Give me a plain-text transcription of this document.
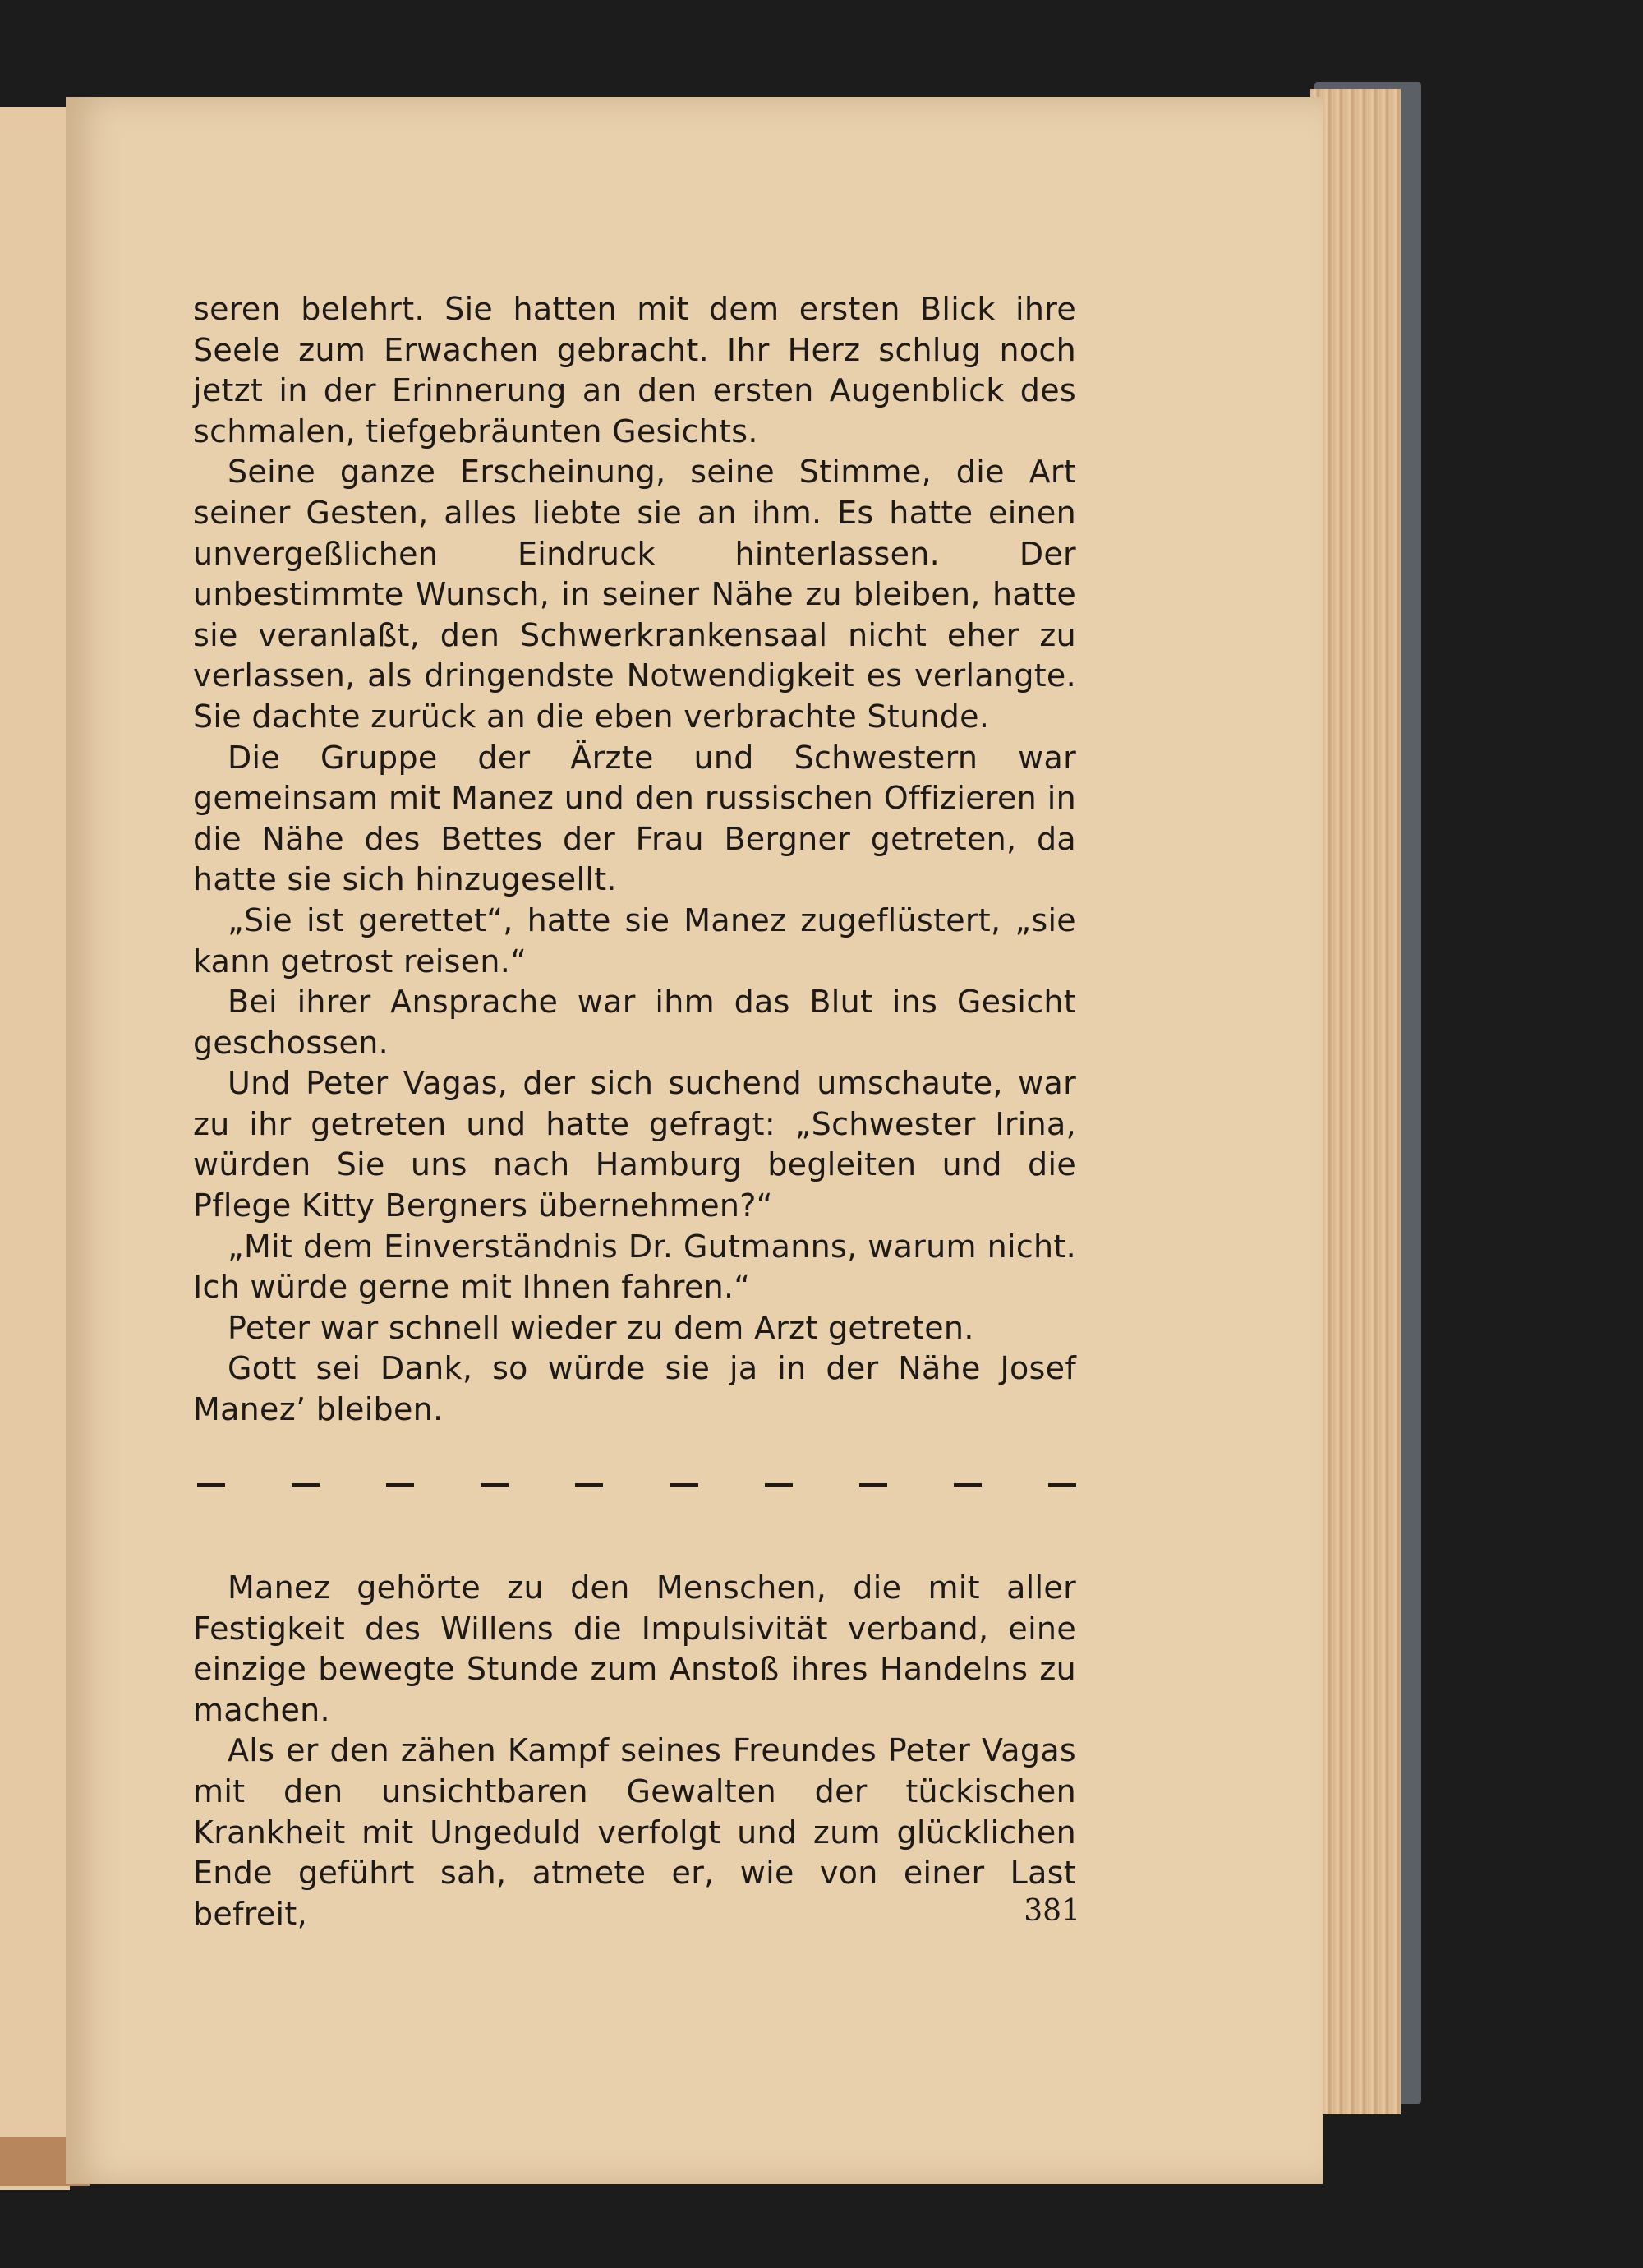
seren belehrt. Sie hatten mit dem ersten Blick ihre Seele zum Erwachen gebracht. Ihr Herz schlug noch jetzt in der Erinnerung an den ersten Augenblick des schmalen, tiefgebräunten Gesichts.

Seine ganze Erscheinung, seine Stimme, die Art seiner Gesten, alles liebte sie an ihm. Es hatte einen unvergeßlichen Eindruck hinterlassen. Der unbestimmte Wunsch, in seiner Nähe zu bleiben, hatte sie veranlaßt, den Schwerkrankensaal nicht eher zu verlassen, als dringendste Notwendigkeit es verlangte. Sie dachte zurück an die eben verbrachte Stunde.

Die Gruppe der Ärzte und Schwestern war gemeinsam mit Manez und den russischen Offizieren in die Nähe des Bettes der Frau Bergner getreten, da hatte sie sich hinzugesellt.

„Sie ist gerettet“, hatte sie Manez zugeflüstert, „sie kann getrost reisen.“

Bei ihrer Ansprache war ihm das Blut ins Gesicht geschossen.

Und Peter Vagas, der sich suchend umschaute, war zu ihr getreten und hatte gefragt: „Schwester Irina, würden Sie uns nach Hamburg begleiten und die Pflege Kitty Bergners übernehmen?“

„Mit dem Einverständnis Dr. Gutmanns, warum nicht. Ich würde gerne mit Ihnen fahren.“

Peter war schnell wieder zu dem Arzt getreten.

Gott sei Dank, so würde sie ja in der Nähe Josef Manez’ bleiben.

Manez gehörte zu den Menschen, die mit aller Festigkeit des Willens die Impulsivität verband, eine einzige bewegte Stunde zum Anstoß ihres Handelns zu machen.

Als er den zähen Kampf seines Freundes Peter Vagas mit den unsichtbaren Gewalten der tückischen Krankheit mit Ungeduld verfolgt und zum glücklichen Ende geführt sah, atmete er, wie von einer Last befreit,	381
